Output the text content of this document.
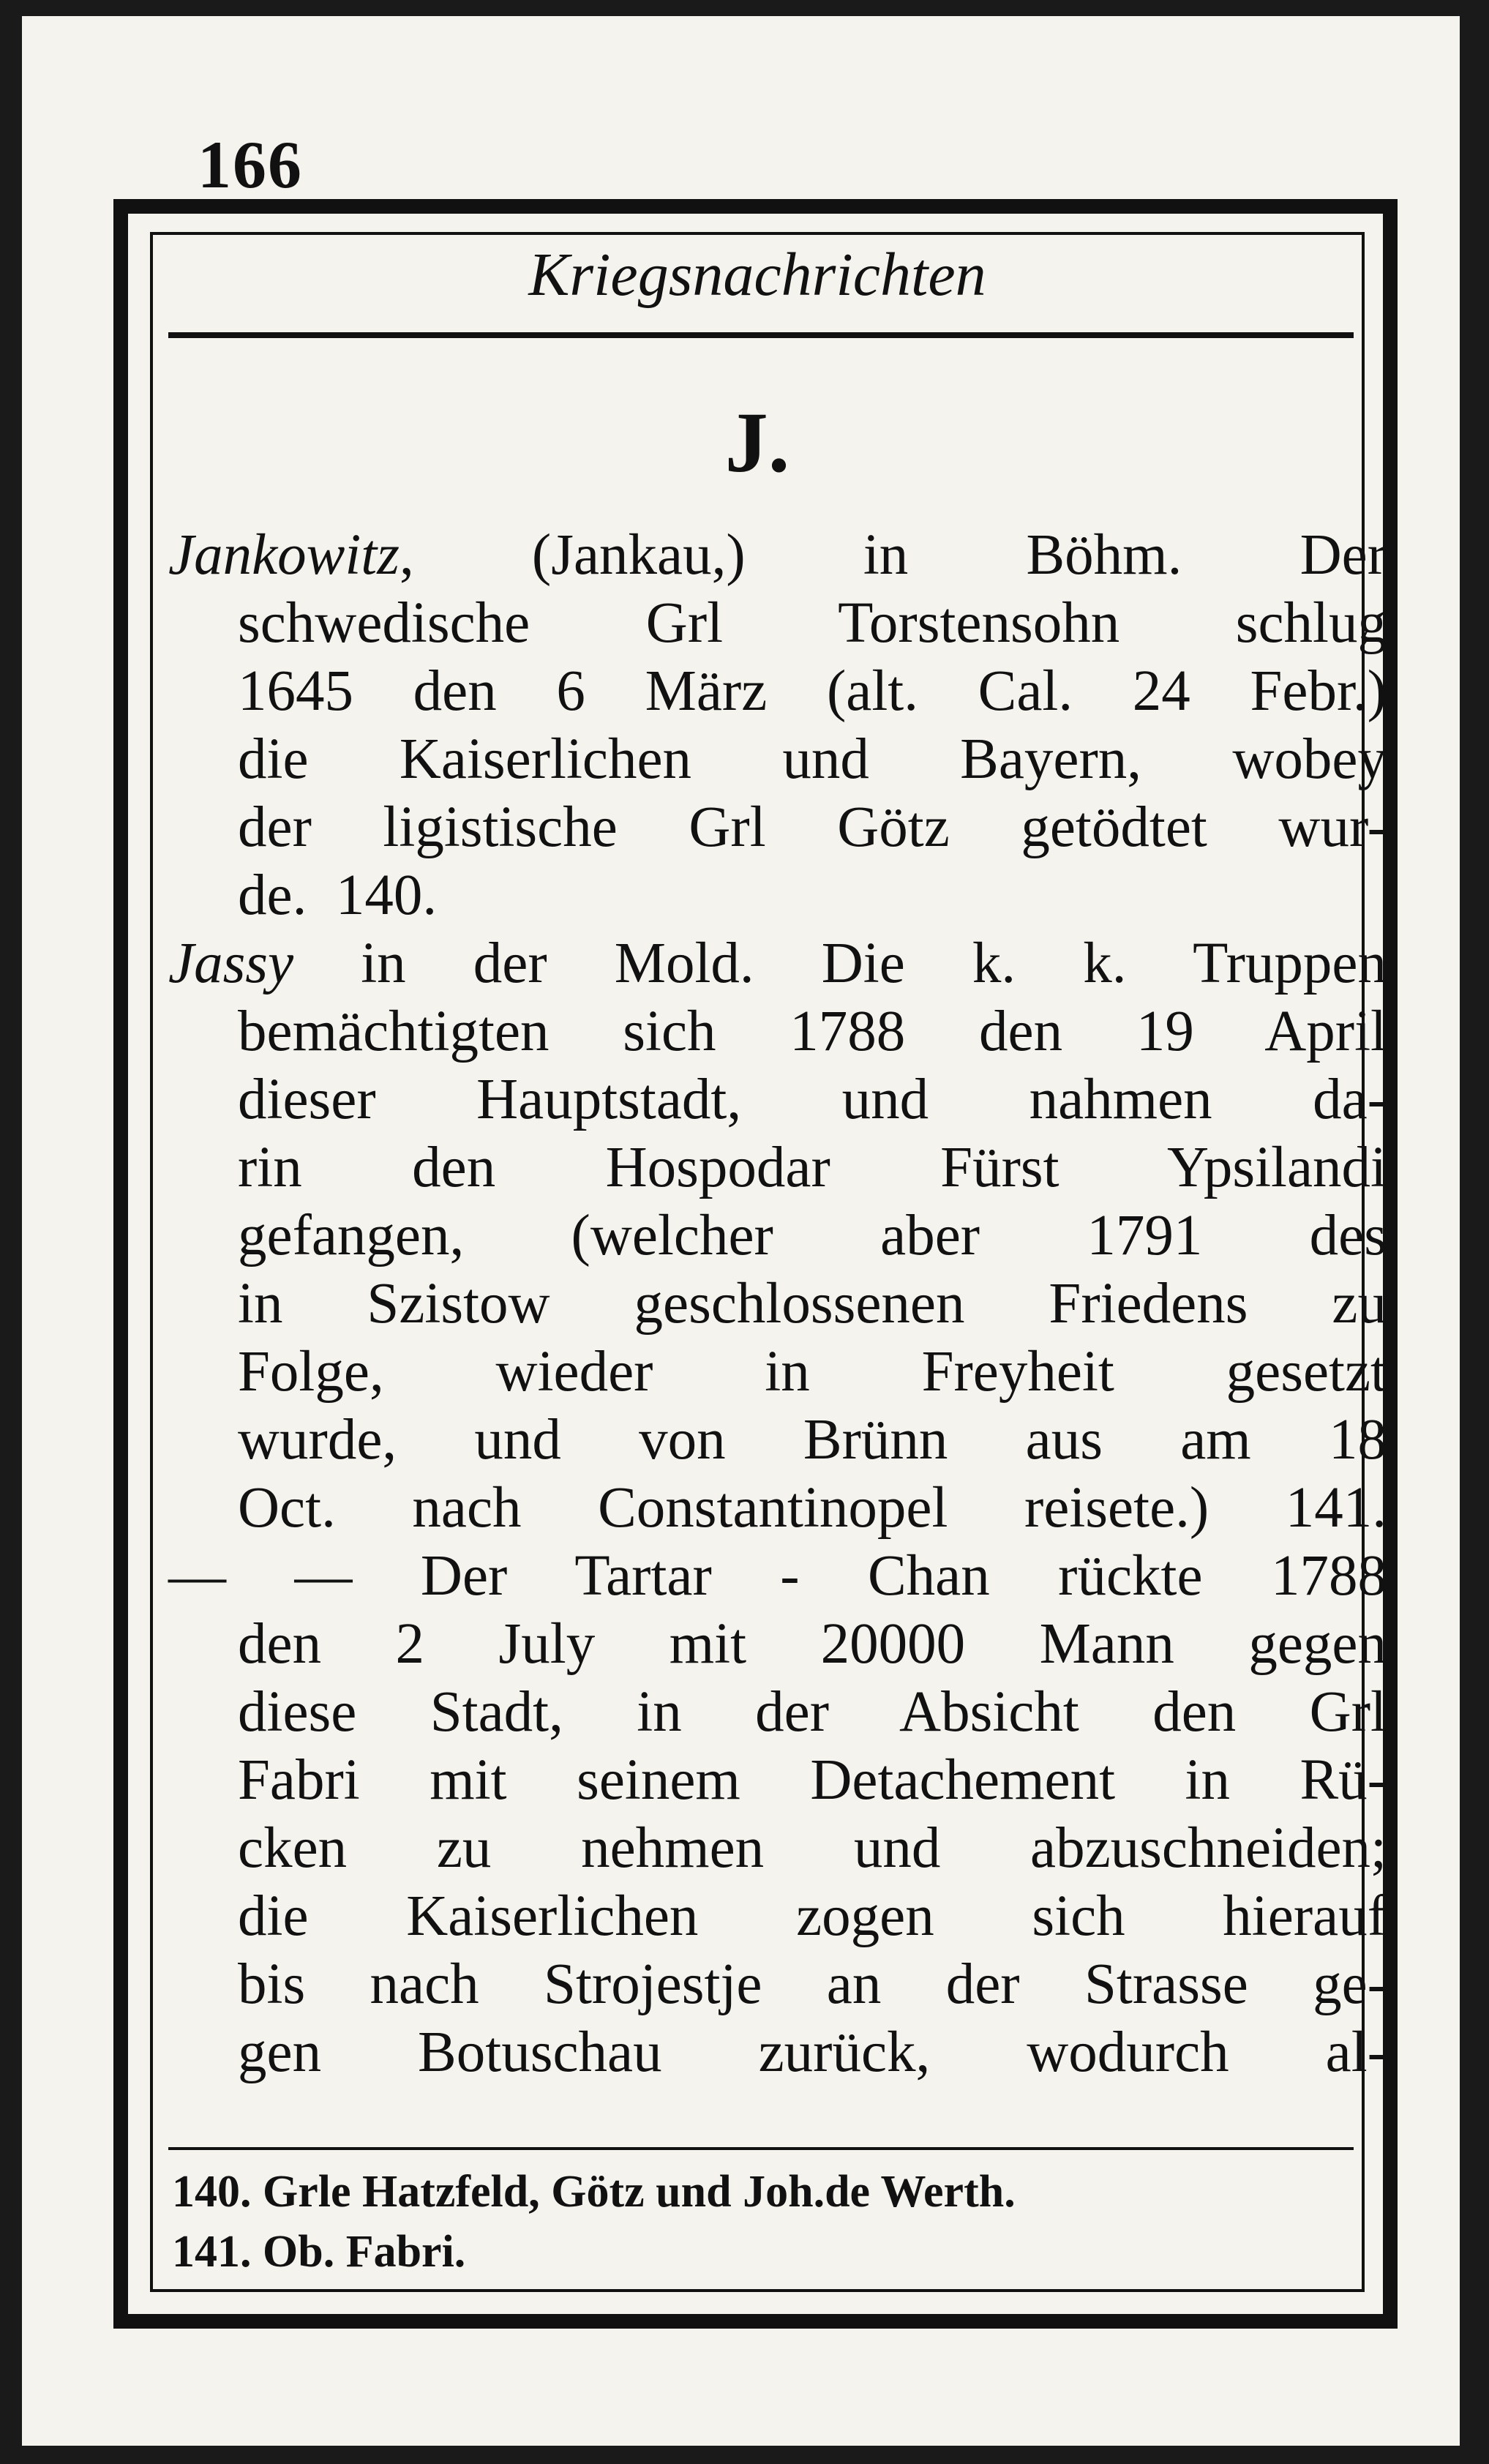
166
Kriegsnachrichten
J.
Jankowitz, (Jankau,) in Böhm. Der
schwedische Grl Torstensohn schlug
1645 den 6 März (alt. Cal. 24 Febr.)
die Kaiserlichen und Bayern, wobey
der ligistische Grl Götz getödtet wur-
de.  140.
Jassy in der Mold. Die k. k. Truppen
bemächtigten sich 1788 den 19 April
dieser Hauptstadt, und nahmen da-
rin den Hospodar Fürst Ypsilandi
gefangen, (welcher aber 1791 des
in Szistow geschlossenen Friedens zu
Folge, wieder in Freyheit gesetzt
wurde, und von Brünn aus am 18
Oct. nach Constantinopel reisete.) 141.
— — Der Tartar - Chan rückte 1788
den 2 July mit 20000 Mann gegen
diese Stadt, in der Absicht den Grl
Fabri mit seinem Detachement in Rü-
cken zu nehmen und abzuschneiden;
die Kaiserlichen zogen sich hierauf
bis nach Strojestje an der Strasse ge-
gen Botuschau zurück, wodurch al-
140. Grle Hatzfeld, Götz und Joh.de Werth.
141. Ob. Fabri.
